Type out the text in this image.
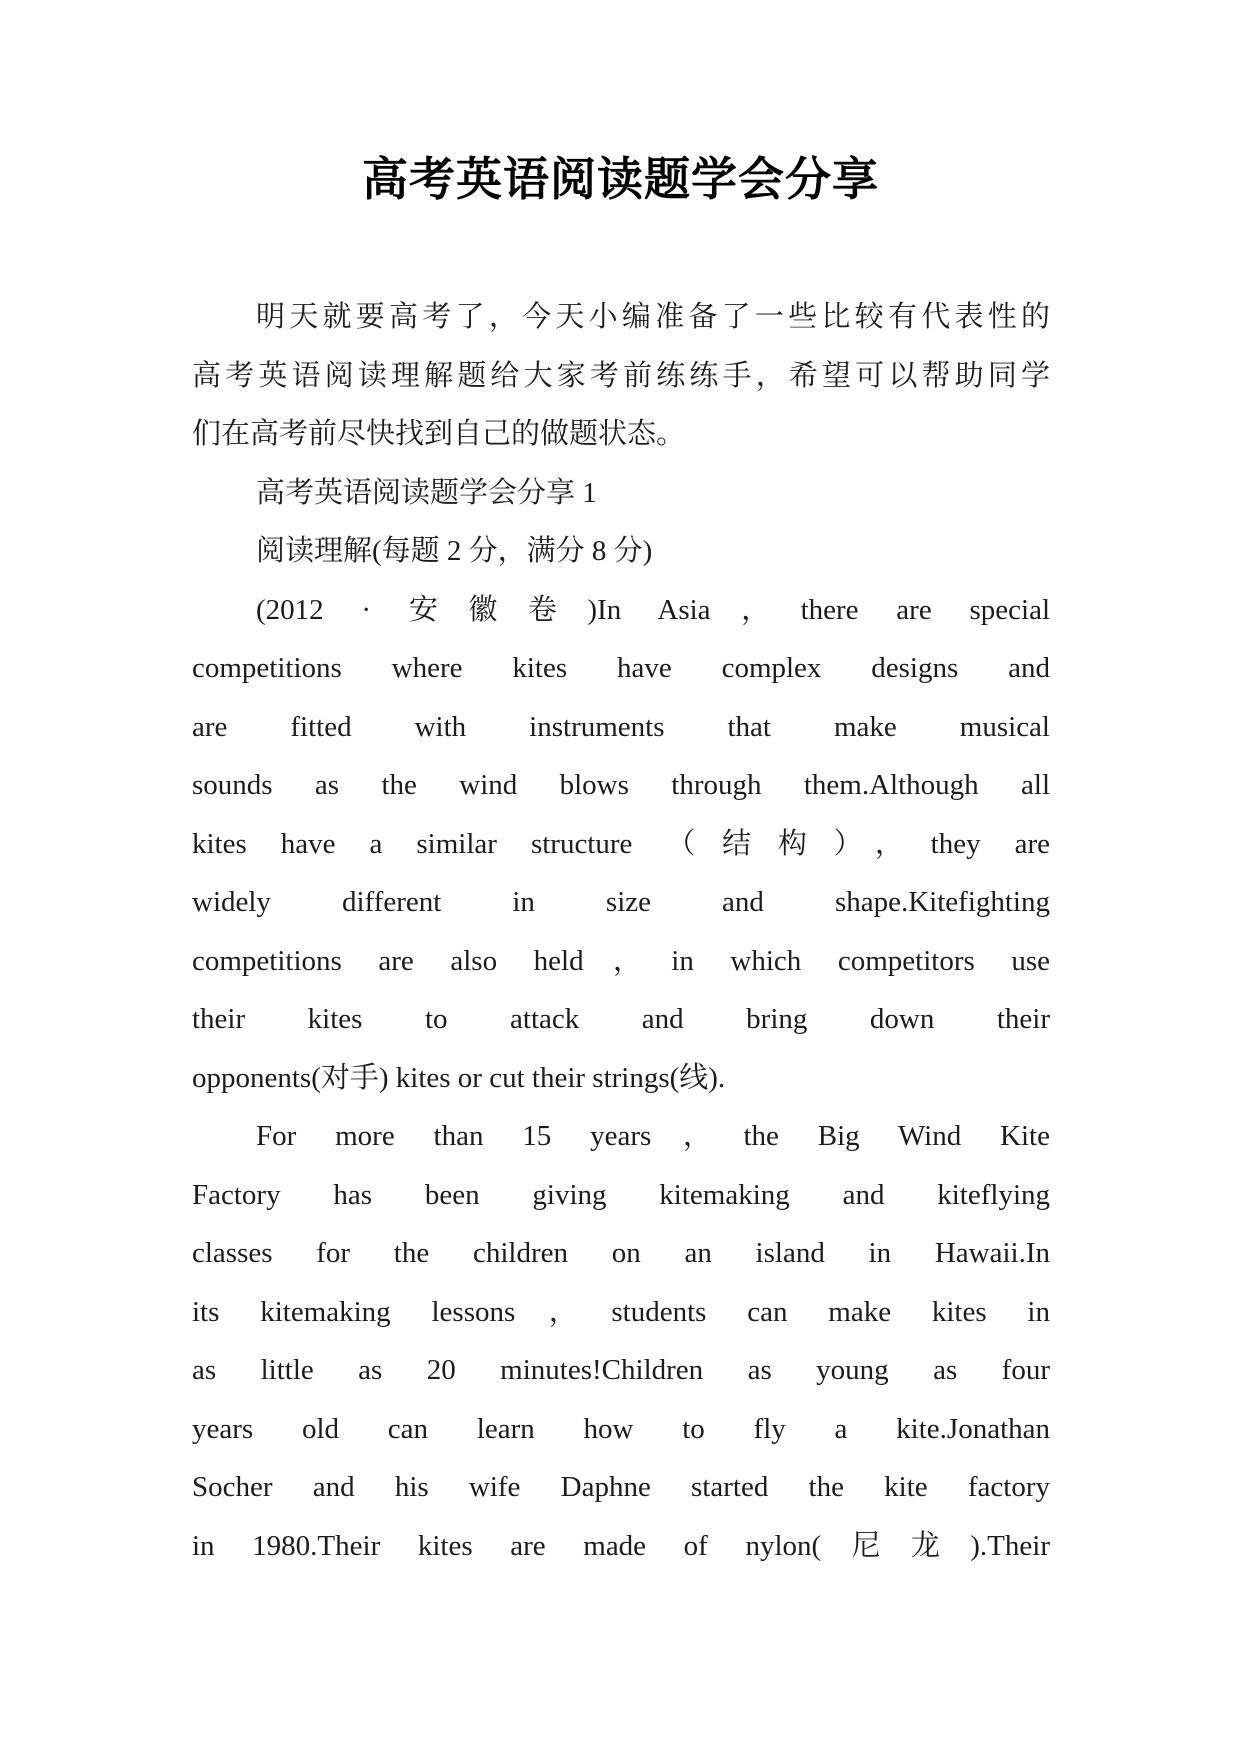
高考英语阅读题学会分享
明天就要高考了，今天小编准备了一些比较有代表性的
高考英语阅读理解题给大家考前练练手，希望可以帮助同学
们在高考前尽快找到自己的做题状态。
高考英语阅读题学会分享 1
阅读理解(每题 2 分，满分 8 分)
(2012 · 安徽卷)In Asia，there are special
competitions where kites have complex designs and
are fitted with instruments that make musical
sounds as the wind blows through them.Although all
kites have a similar structure （结构），they are
widely different in size and shape.Kitefighting
competitions are also held，in which competitors use
their kites to attack and bring down their
opponents(对手) kites or cut their strings(线).
For more than 15 years，the Big Wind Kite
Factory has been giving kitemaking and kiteflying
classes for the children on an island in Hawaii.In
its kitemaking lessons，students can make kites in
as little as 20 minutes!Children as young as four
years old can learn how to fly a kite.Jonathan
Socher and his wife Daphne started the kite factory
in 1980.Their kites are made of nylon(尼龙).Their
